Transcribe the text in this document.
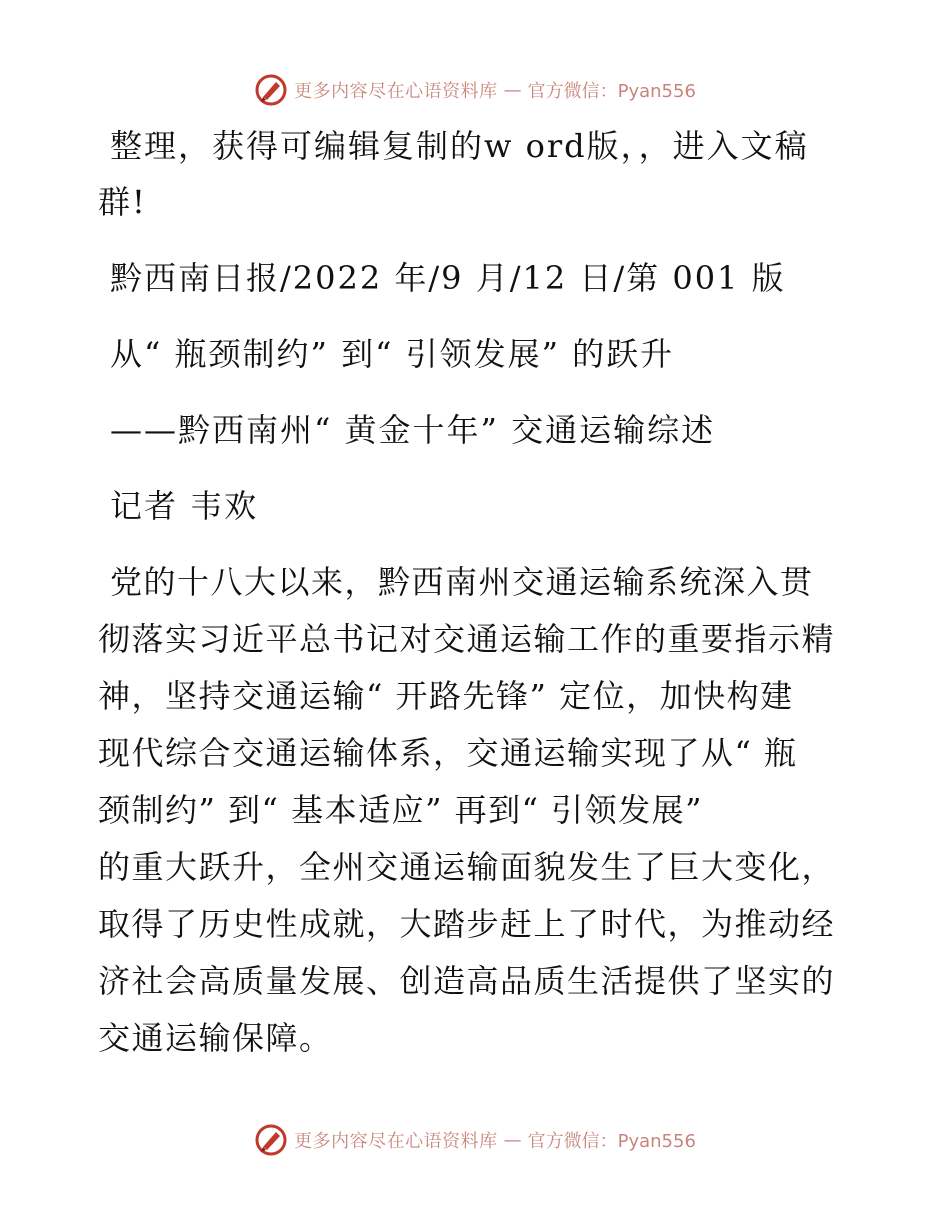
更多内容尽在心语资料库 — 官方微信：Pyan556
整理，获得可编辑复制的w ord版，，进入文稿
群!
黔西南日报/2022 年/9 月/12 日/第 001 版
从“ 瓶颈制约” 到“ 引领发展” 的跃升
——黔西南州“ 黄金十年” 交通运输综述
记者 韦欢
党的十八大以来，黔西南州交通运输系统深入贯
彻落实习近平总书记对交通运输工作的重要指示精
神，坚持交通运输“ 开路先锋” 定位，加快构建
现代综合交通运输体系，交通运输实现了从“ 瓶
颈制约” 到“ 基本适应” 再到“ 引领发展”
的重大跃升，全州交通运输面貌发生了巨大变化，
取得了历史性成就，大踏步赶上了时代，为推动经
济社会高质量发展、创造高品质生活提供了坚实的
交通运输保障。
更多内容尽在心语资料库 — 官方微信：Pyan556
